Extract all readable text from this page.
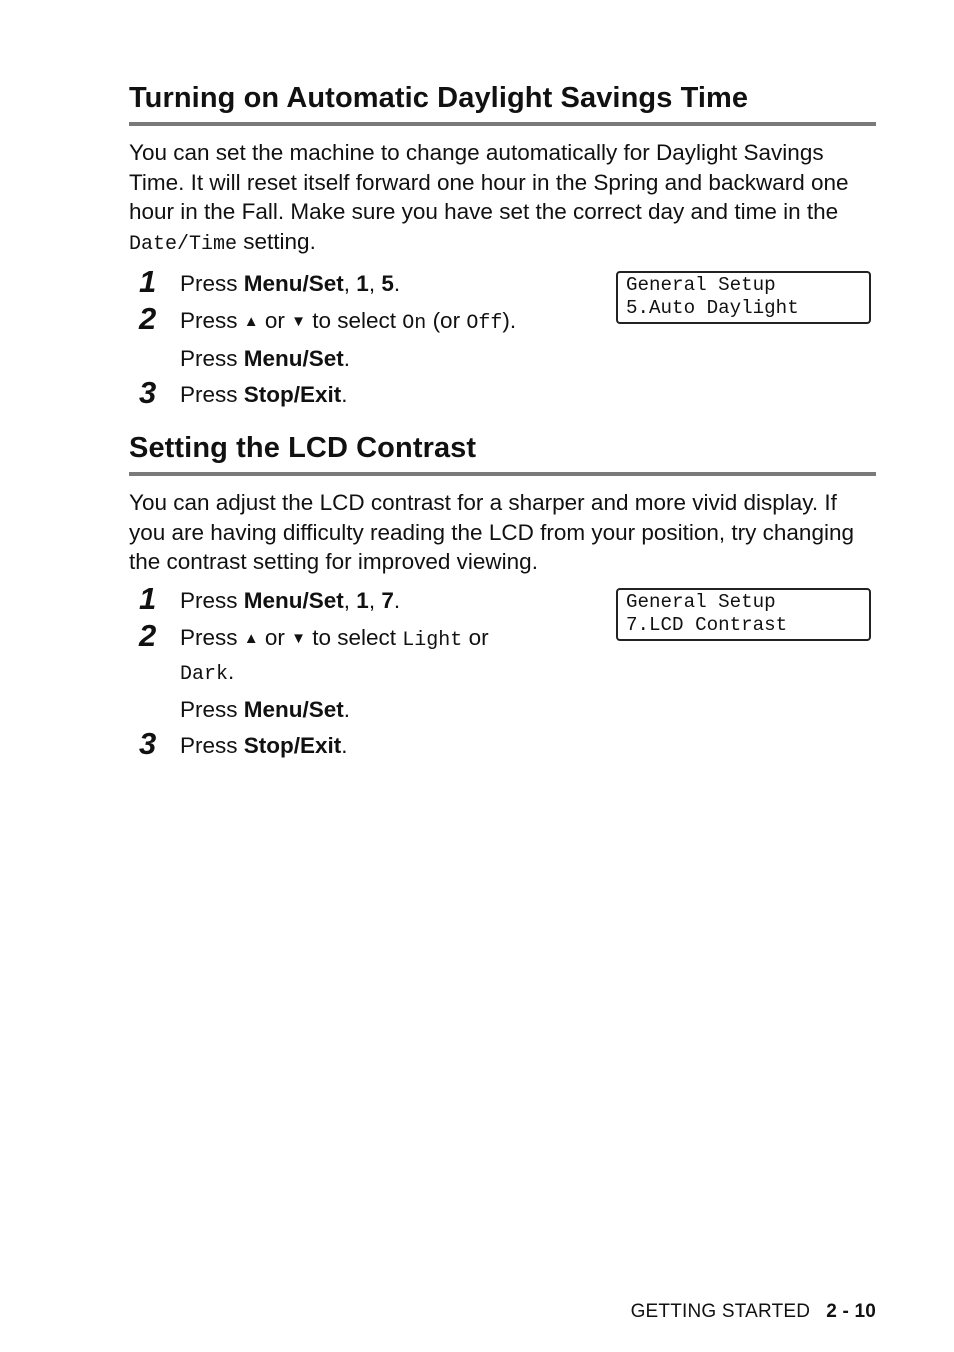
Turning on Automatic Daylight Savings Time

You can set the machine to change automatically for Daylight Savings Time. It will reset itself forward one hour in the Spring and backward one hour in the Fall. Make sure you have set the correct day and time in the Date/Time setting.

1 Press Menu/Set, 1, 5.
2 Press ▲ or ▼ to select On (or Off).
Press Menu/Set.
3 Press Stop/Exit.
General Setup
5.Auto Daylight
Setting the LCD Contrast

You can adjust the LCD contrast for a sharper and more vivid display. If you are having difficulty reading the LCD from your position, try changing the contrast setting for improved viewing.

1 Press Menu/Set, 1, 7.
2 Press ▲ or ▼ to select Light or
Dark.
Press Menu/Set.
3 Press Stop/Exit.
General Setup
7.LCD Contrast
GETTING STARTED 2 - 10
